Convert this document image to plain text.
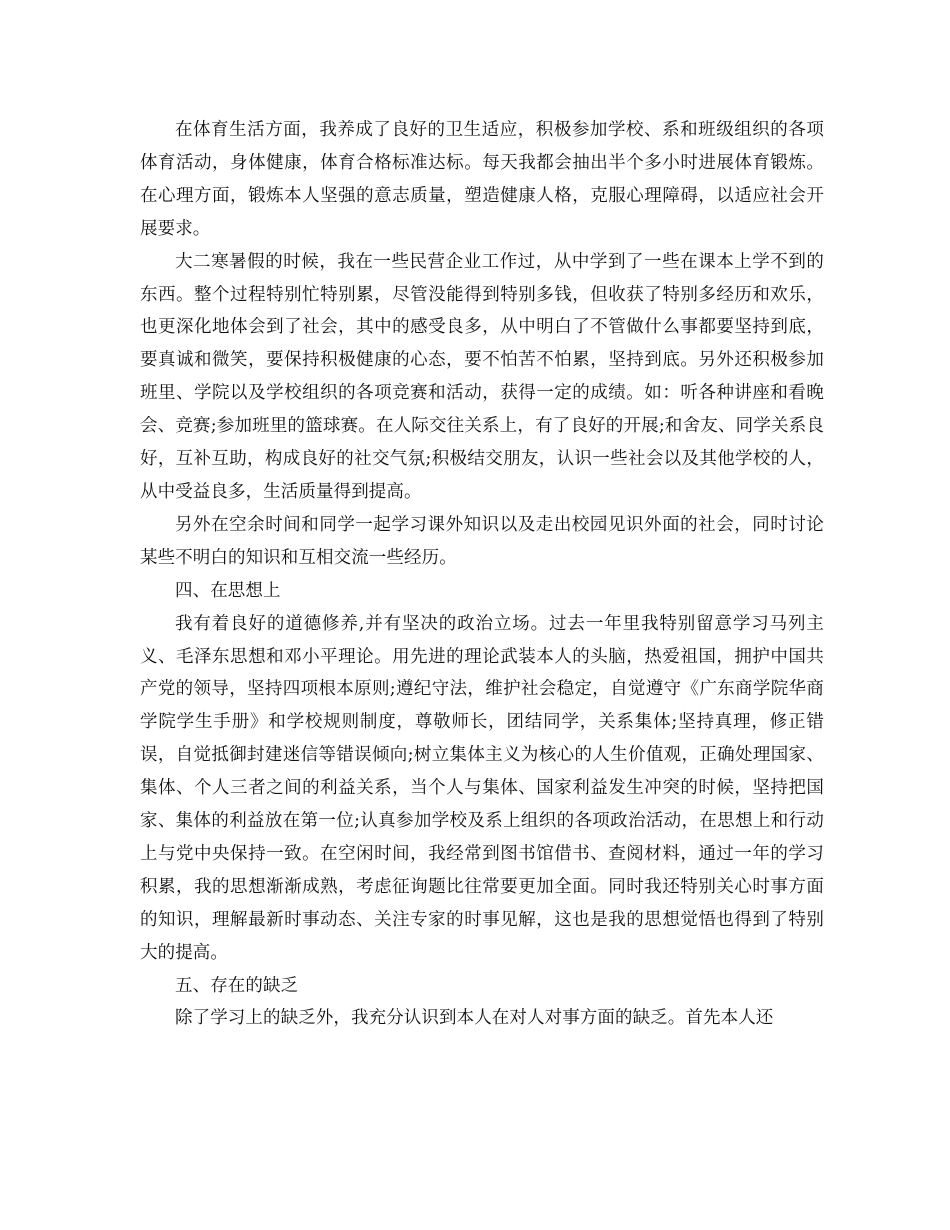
在体育生活方面，我养成了良好的卫生适应，积极参加学校、系和班级组织的各项体育活动，身体健康，体育合格标准达标。每天我都会抽出半个多小时进展体育锻炼。在心理方面，锻炼本人坚强的意志质量，塑造健康人格，克服心理障碍，以适应社会开展要求。

大二寒暑假的时候，我在一些民营企业工作过，从中学到了一些在课本上学不到的东西。整个过程特别忙特别累，尽管没能得到特别多钱，但收获了特别多经历和欢乐，也更深化地体会到了社会，其中的感受良多，从中明白了不管做什么事都要坚持到底，要真诚和微笑，要保持积极健康的心态，要不怕苦不怕累，坚持到底。另外还积极参加班里、学院以及学校组织的各项竞赛和活动，获得一定的成绩。如：听各种讲座和看晚会、竞赛;参加班里的篮球赛。在人际交往关系上，有了良好的开展;和舍友、同学关系良好，互补互助，构成良好的社交气氛;积极结交朋友，认识一些社会以及其他学校的人，从中受益良多，生活质量得到提高。

另外在空余时间和同学一起学习课外知识以及走出校园见识外面的社会，同时讨论某些不明白的知识和互相交流一些经历。

四、在思想上

我有着良好的道德修养,并有坚决的政治立场。过去一年里我特别留意学习马列主义、毛泽东思想和邓小平理论。用先进的理论武装本人的头脑，热爱祖国，拥护中国共产党的领导，坚持四项根本原则;遵纪守法，维护社会稳定，自觉遵守《广东商学院华商学院学生手册》和学校规则制度，尊敬师长，团结同学，关系集体;坚持真理，修正错误，自觉抵御封建迷信等错误倾向;树立集体主义为核心的人生价值观，正确处理国家、集体、个人三者之间的利益关系，当个人与集体、国家利益发生冲突的时候，坚持把国家、集体的利益放在第一位;认真参加学校及系上组织的各项政治活动，在思想上和行动上与党中央保持一致。在空闲时间，我经常到图书馆借书、查阅材料，通过一年的学习积累，我的思想渐渐成熟，考虑征询题比往常要更加全面。同时我还特别关心时事方面的知识，理解最新时事动态、关注专家的时事见解，这也是我的思想觉悟也得到了特别大的提高。

五、存在的缺乏

除了学习上的缺乏外，我充分认识到本人在对人对事方面的缺乏。首先本人还
